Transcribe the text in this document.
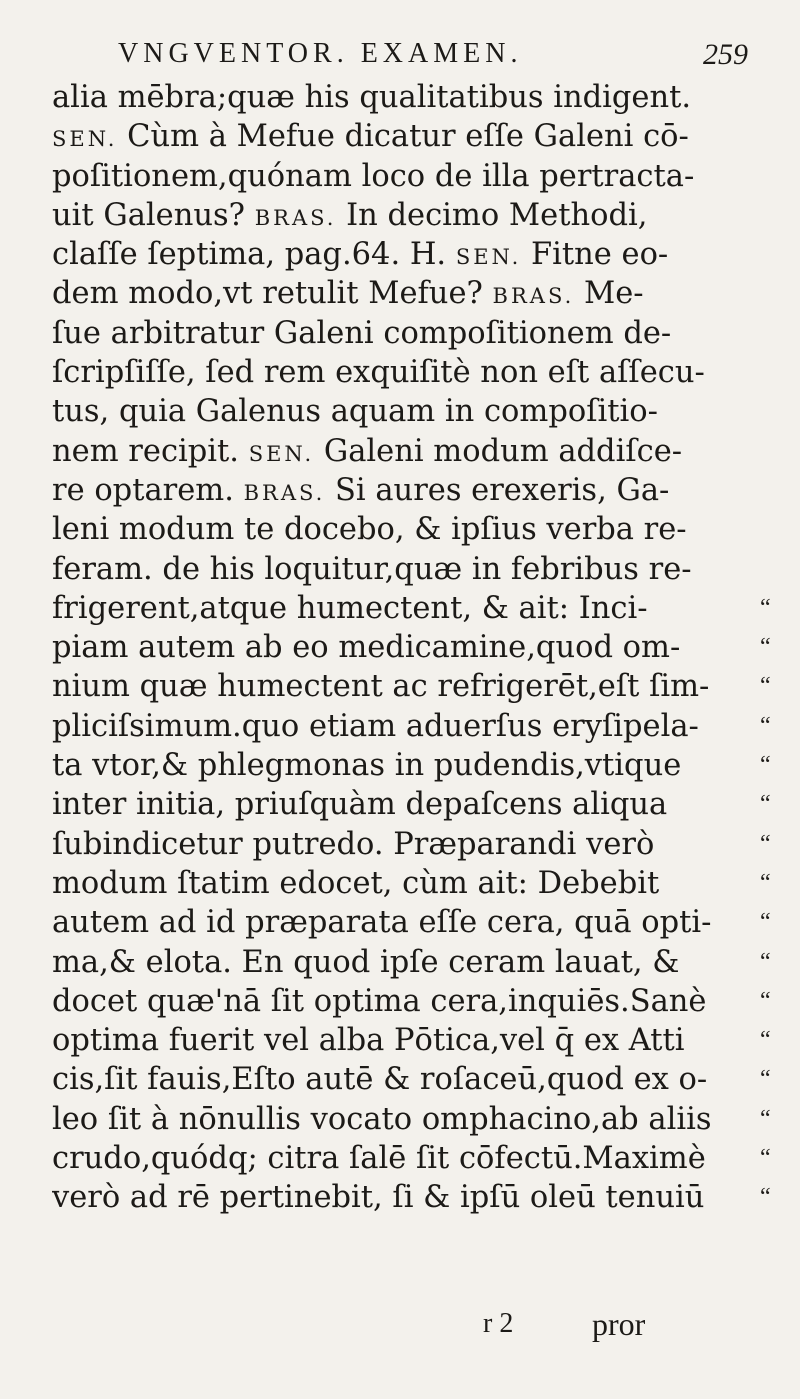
VNGVENTOR. EXAMEN.	259
alia mēbra;quæ his qualitatibus indigent.
SEN. Cùm à Mefue dicatur eſſe Galeni cō-
poſitionem,quónam loco de illa pertracta-
uit Galenus? BRAS. In decimo Methodi,
claſſe ſeptima, pag.64. H. SEN. Fitne eo-
dem modo,vt retulit Mefue? BRAS. Me-
ſue arbitratur Galeni compoſitionem de-
ſcripſiſſe, ſed rem exquiſitè non eſt aſſecu-
tus, quia Galenus aquam in compoſitio-
nem recipit. SEN. Galeni modum addiſce-
re optarem. BRAS. Si aures erexeris, Ga-
leni modum te docebo, & ipſius verba re-
feram. de his loquitur,quæ in febribus re-
frigerent,atque humectent, & ait: Inci-
piam autem ab eo medicamine,quod om-
nium quæ humectent ac refrigerēt,eſt ſim-
pliciſsimum.quo etiam aduerſus eryſipela-
ta vtor,& phlegmonas in pudendis,vtique
inter initia, priuſquàm depaſcens aliqua
ſubindicetur putredo. Præparandi verò
modum ſtatim edocet, cùm ait: Debebit
autem ad id præparata eſſe cera, quā opti-
ma,& elota. En quod ipſe ceram lauat, &
docet quæ'nā ſit optima cera,inquiēs.Sanè
optima fuerit vel alba Pōtica,vel q̄ ex Atti
cis,ſit fauis,Eſto autē & roſaceū,quod ex o-
leo ſit à nōnullis vocato omphacino,ab aliis
crudo,quódq; citra ſalē ſit cōfectū.Maximè
verò ad rē pertinebit, ſi & ipſū oleū tenuiū
“
“
“
“
“
“
“
“
“
“
“
“
“
“
“
“
r 2 pror
